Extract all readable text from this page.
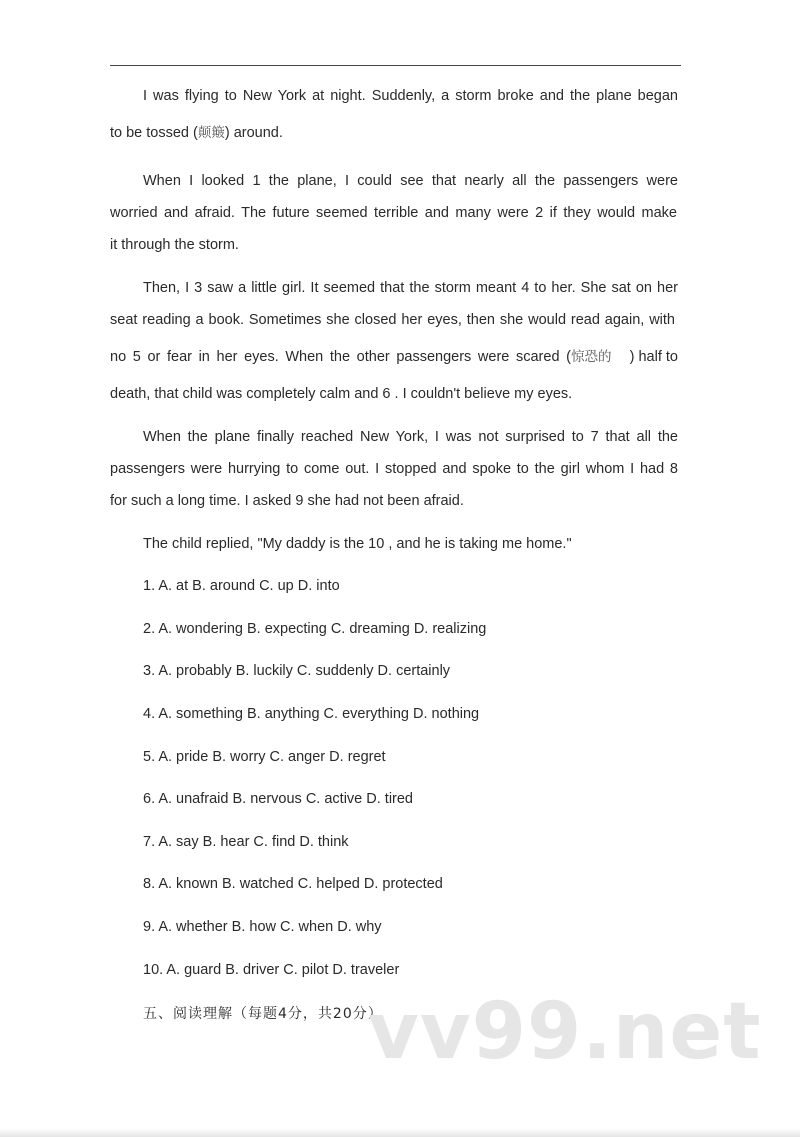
I was flying to New York at night. Suddenly, a storm broke and the plane began

to be tossed (颠簸) around.

When I looked 1 the plane, I could see that nearly all the passengers were

worried and afraid. The future seemed terrible and many were 2 if they would make

it through the storm.

Then, I 3 saw a little girl. It seemed that the storm meant 4 to her. She sat on her

seat reading a book. Sometimes she closed her eyes, then she would read again, with

no 5 or fear in her eyes. When the other passengers were scared ( 惊恐的 ) half to

death, that child was completely calm and 6 . I couldn't believe my eyes.

When the plane finally reached New York, I was not surprised to 7 that all the

passengers were hurrying to come out. I stopped and spoke to the girl whom I had 8

for such a long time. I asked 9 she had not been afraid.

The child replied, "My daddy is the 10 , and he is taking me home."

1. A. at B. around C. up D. into

2. A. wondering B. expecting C. dreaming D. realizing

3. A. probably B. luckily C. suddenly D. certainly

4. A. something B. anything C. everything D. nothing

5. A. pride B. worry C. anger D. regret

6. A. unafraid B. nervous C. active D. tired

7. A. say B. hear C. find D. think

8. A. known B. watched C. helped D. protected

9. A. whether B. how C. when D. why

10. A. guard B. driver C. pilot D. traveler

五、阅读理解（每题4分，共20分）

vv99.net
